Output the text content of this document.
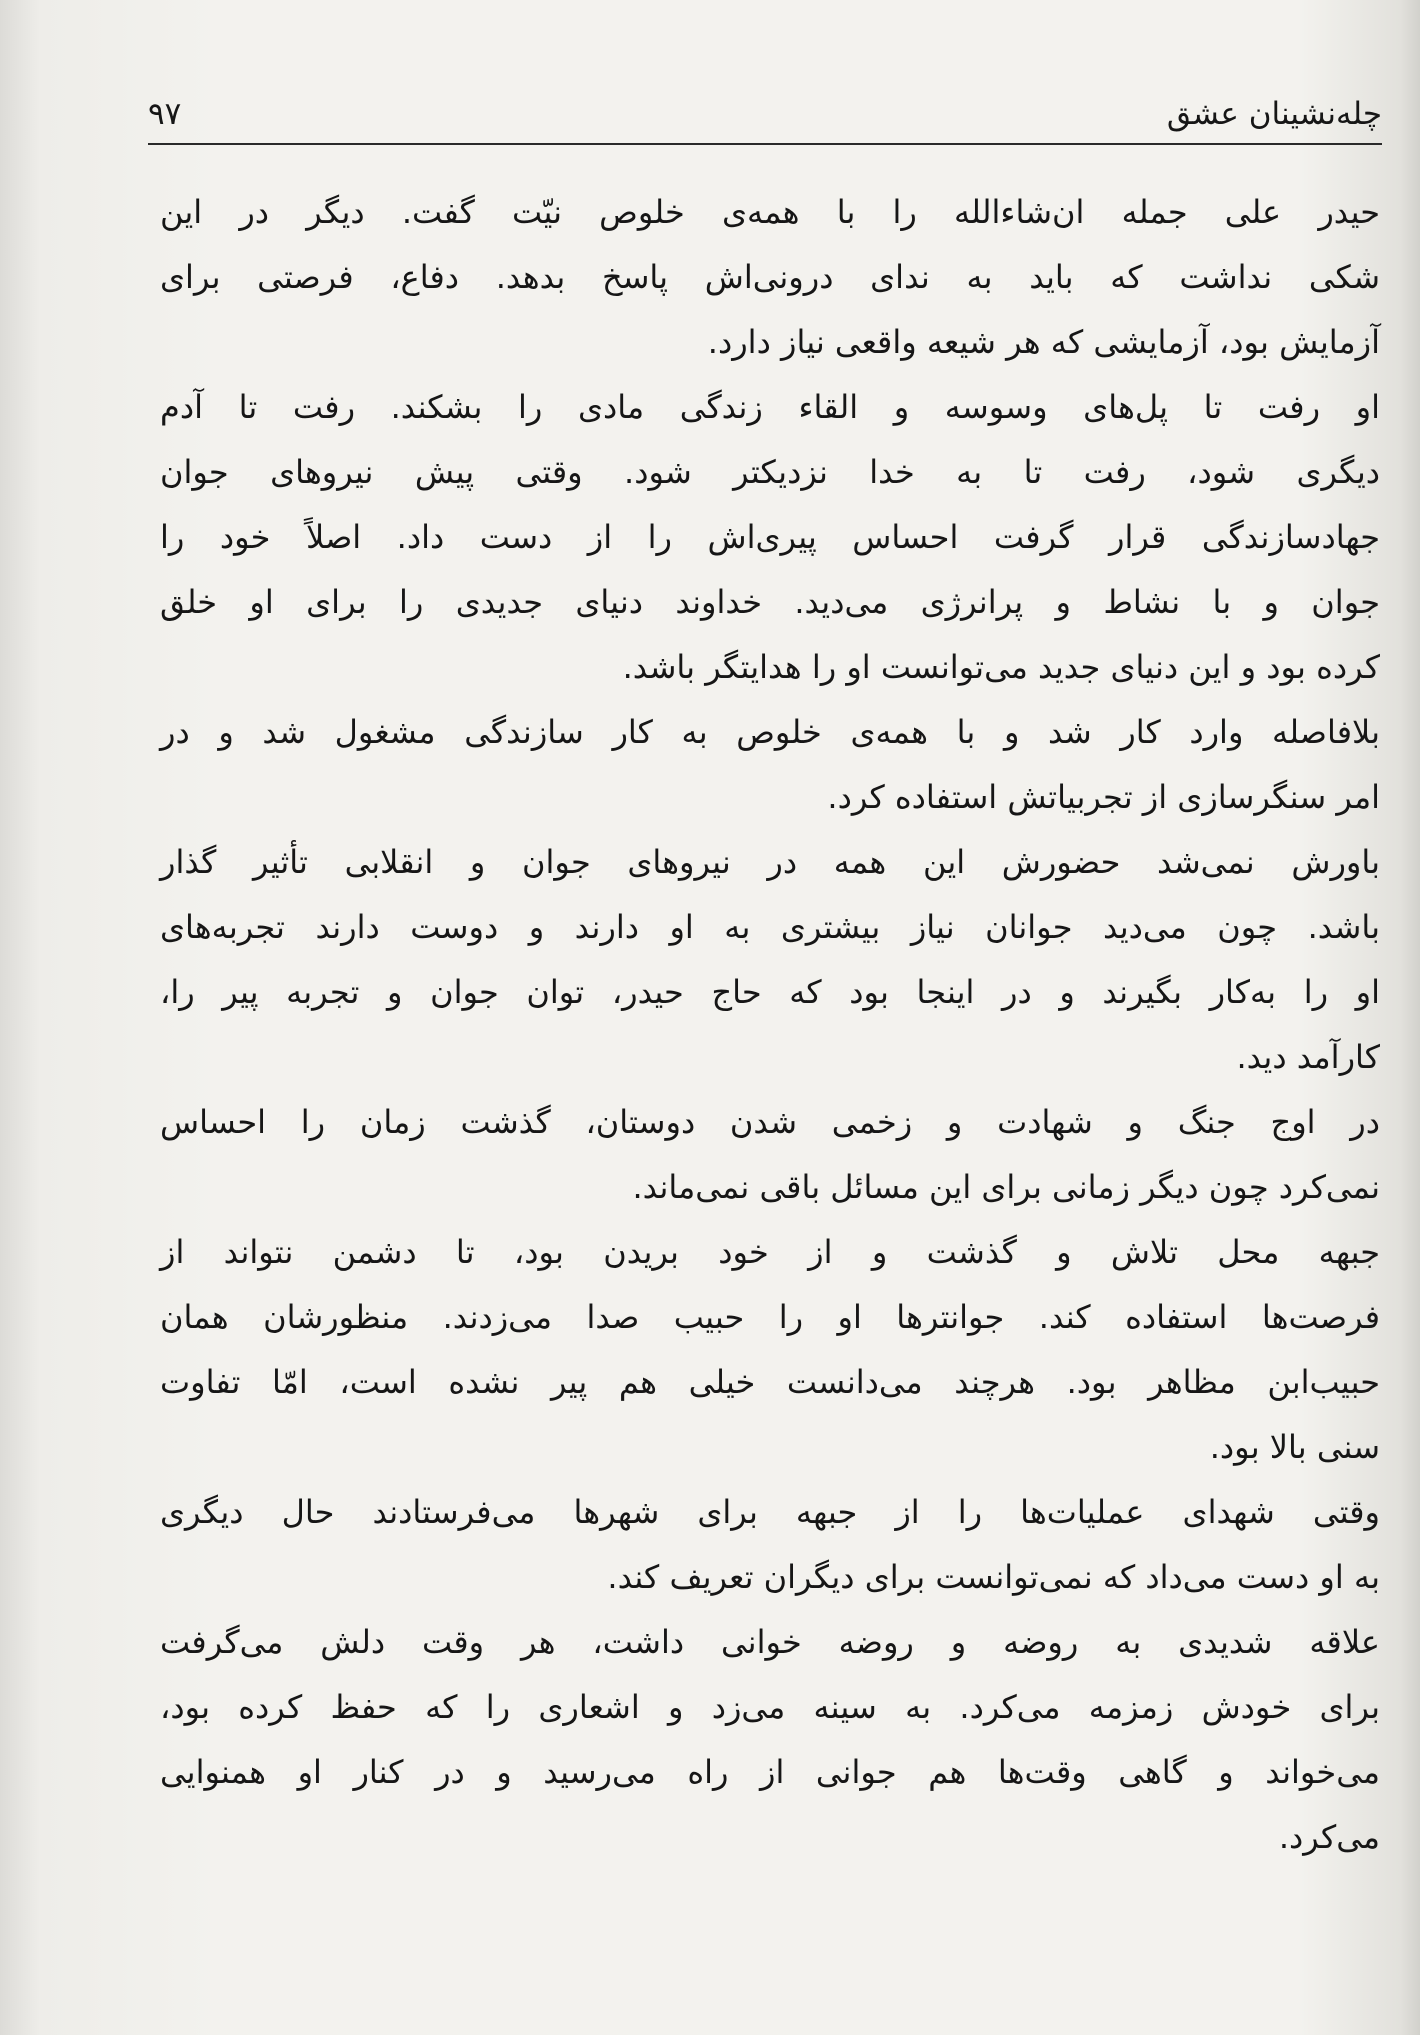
چله‌نشینان عشق
۹۷

حیدر علی جمله ان‌شاءالله را با همه‌ی خلوص نیّت گفت. دیگر در این
شکی نداشت که باید به ندای درونی‌اش پاسخ بدهد. دفاع، فرصتی برای
آزمایش بود، آزمایشی که هر شیعه واقعی نیاز دارد.

او رفت تا پل‌های وسوسه و القاء زندگی مادی را بشکند. رفت تا آدم
دیگری شود، رفت تا به خدا نزدیکتر شود. وقتی پیش نیروهای جوان
جهادسازندگی قرار گرفت احساس پیری‌اش را از دست داد. اصلاً خود را
جوان و با نشاط و پرانرژی می‌دید. خداوند دنیای جدیدی را برای او خلق
کرده بود و این دنیای جدید می‌توانست او را هدایتگر باشد.

بلافاصله وارد کار شد و با همه‌ی خلوص به کار سازندگی مشغول شد و در
امر سنگرسازی از تجربیاتش استفاده کرد.

باورش نمی‌شد حضورش این همه در نیروهای جوان و انقلابی تأثیر گذار
باشد. چون می‌دید جوانان نیاز بیشتری به او دارند و دوست دارند تجربه‌های
او را به‌کار بگیرند و در اینجا بود که حاج حیدر، توان جوان و تجربه پیر را،
کارآمد دید.

در اوج جنگ و شهادت و زخمی شدن دوستان، گذشت زمان را احساس
نمی‌کرد چون دیگر زمانی برای این مسائل باقی نمی‌ماند.

جبهه محل تلاش و گذشت و از خود بریدن بود، تا دشمن نتواند از
فرصت‌ها استفاده کند. جوانترها او را حبیب صدا می‌زدند. منظورشان همان
حبیب‌ابن مظاهر بود. هرچند می‌دانست خیلی هم پیر نشده است، امّا تفاوت
سنی بالا بود.

وقتی شهدای عملیات‌ها را از جبهه برای شهرها می‌فرستادند حال دیگری
به او دست می‌داد که نمی‌توانست برای دیگران تعریف کند.

علاقه شدیدی به روضه و روضه خوانی داشت، هر وقت دلش می‌گرفت
برای خودش زمزمه می‌کرد. به سینه می‌زد و اشعاری را که حفظ کرده بود،
می‌خواند و گاهی وقت‌ها هم جوانی از راه می‌رسید و در کنار او همنوایی
می‌کرد.
